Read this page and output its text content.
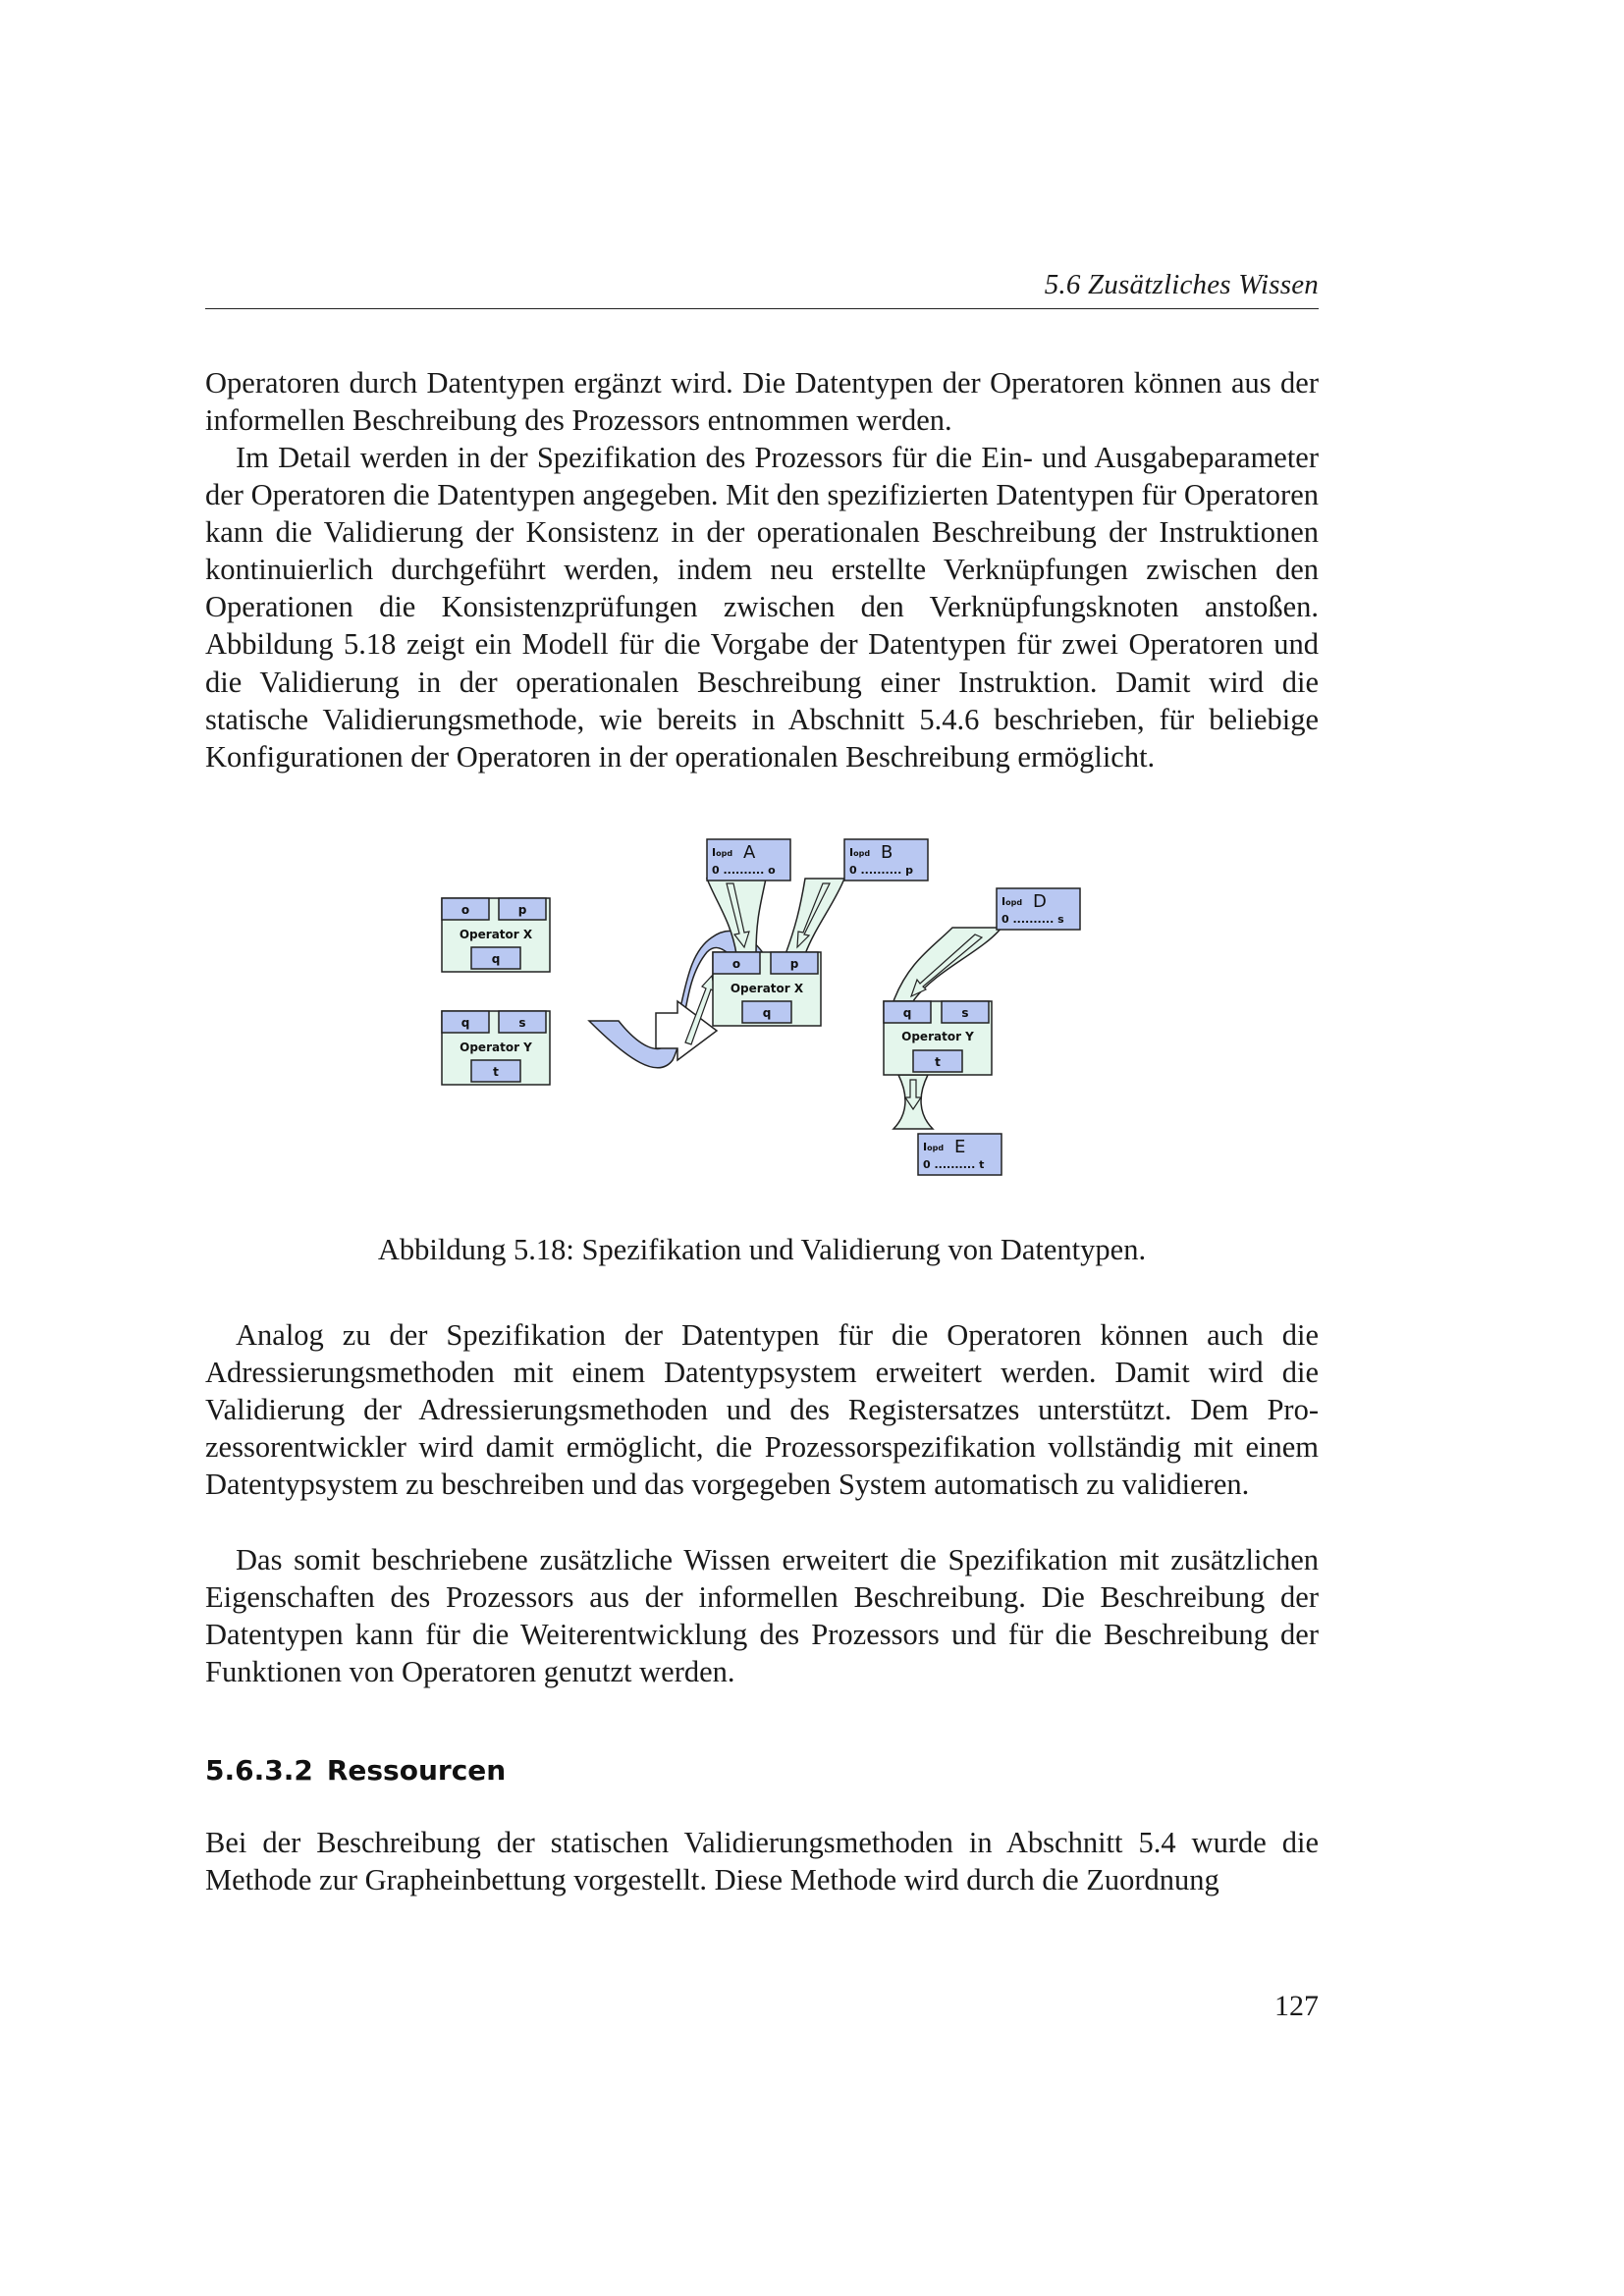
5.6 Zusätzliches Wissen

Operatoren durch Datentypen ergänzt wird. Die Datentypen der Operatoren können aus der informellen Beschreibung des Prozessors entnommen werden.

Im Detail werden in der Spezifikation des Prozessors für die Ein- und Ausgabeparameter der Operatoren die Datentypen angegeben. Mit den spezifizierten Datentypen für Operatoren kann die Validierung der Konsistenz in der operationalen Beschreibung der Instruktionen kontinuierlich durchgeführt werden, indem neu erstellte Verknüpfungen zwischen den Operationen die Konsistenzprüfungen zwischen den Verknüpfungsknoten anstoßen. Abbildung 5.18 zeigt ein Modell für die Vorgabe der Datentypen für zwei Operatoren und die Validierung in der operationalen Beschreibung einer Instruktion. Damit wird die statische Validierungsmethode, wie bereits in Abschnitt 5.4.6 beschrieben, für beliebige Konfigurationen der Operatoren in der operationalen Beschreibung ermöglicht.

o	p
Operator X
q
q	s
Operator Y
t
o	p
Operator X
q	q	s
Operator Y
t
Iopd A
0 .......... o
Iopd B
0 .......... p
Iopd D
0 .......... s
Iopd E
0 .......... t
Abbildung 5.18: Spezifikation und Validierung von Datentypen.

Analog zu der Spezifikation der Datentypen für die Operatoren können auch die Adressierungsmethoden mit einem Datentypsystem erweitert werden. Damit wird die Validierung der Adressierungsmethoden und des Registersatzes unterstützt. Dem Prozessorentwickler wird damit ermöglicht, die Prozessorspezifikation vollständig mit einem Datentypsystem zu beschreiben und das vorgegeben System automatisch zu validieren.

Das somit beschriebene zusätzliche Wissen erweitert die Spezifikation mit zusätzlichen Eigenschaften des Prozessors aus der informellen Beschreibung. Die Beschreibung der Datentypen kann für die Weiterentwicklung des Prozessors und für die Beschreibung der Funktionen von Operatoren genutzt werden.

5.6.3.2 Ressourcen

Bei der Beschreibung der statischen Validierungsmethoden in Abschnitt 5.4 wurde die Methode zur Grapheinbettung vorgestellt. Diese Methode wird durch die Zuordnung

127
